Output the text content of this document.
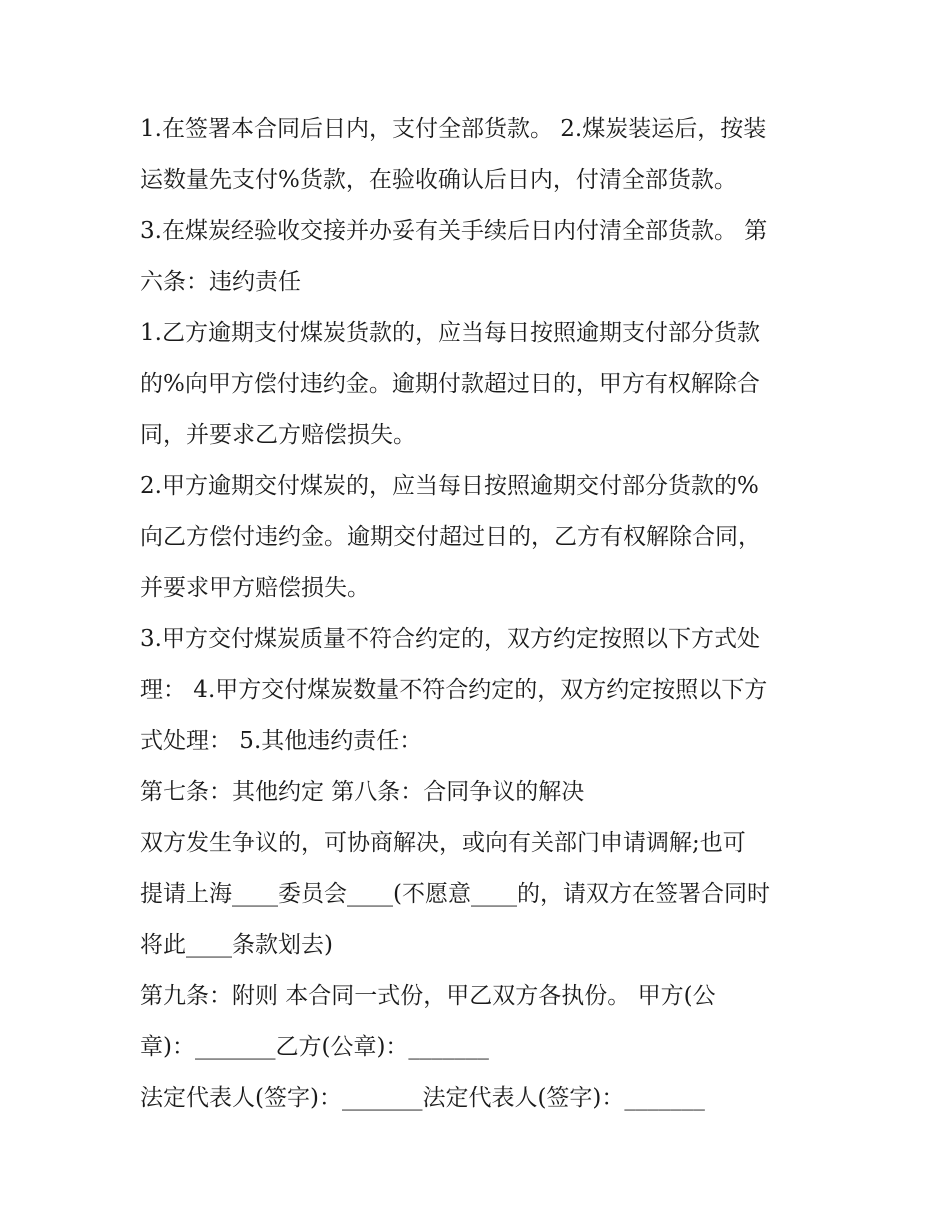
1.在签署本合同后日内，支付全部货款。 2.煤炭装运后，按装
运数量先支付%货款，在验收确认后日内，付清全部货款。
3.在煤炭经验收交接并办妥有关手续后日内付清全部货款。 第
六条：违约责任
1.乙方逾期支付煤炭货款的，应当每日按照逾期支付部分货款
的%向甲方偿付违约金。逾期付款超过日的，甲方有权解除合
同，并要求乙方赔偿损失。
2.甲方逾期交付煤炭的，应当每日按照逾期交付部分货款的%
向乙方偿付违约金。逾期交付超过日的，乙方有权解除合同，
并要求甲方赔偿损失。
3.甲方交付煤炭质量不符合约定的，双方约定按照以下方式处
理： 4.甲方交付煤炭数量不符合约定的，双方约定按照以下方
式处理： 5.其他违约责任：
第七条：其他约定 第八条：合同争议的解决
双方发生争议的，可协商解决，或向有关部门申请调解;也可
提请上海____委员会____(不愿意____的，请双方在签署合同时
将此____条款划去)
第九条：附则 本合同一式份，甲乙双方各执份。 甲方(公
章)：_______乙方(公章)：_______
法定代表人(签字)：_______法定代表人(签字)：_______
